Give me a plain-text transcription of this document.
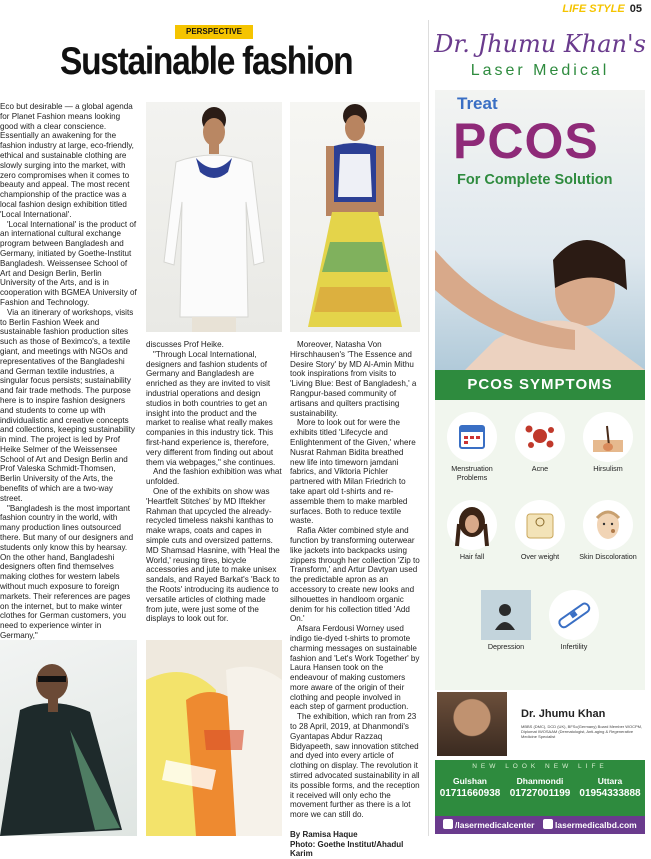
LIFE STYLE 05
PERSPECTIVE
Sustainable fashion

Eco but desirable — a global agenda for Planet Fashion means looking good with a clear conscience. Essentially an awakening for the fashion industry at large, eco-friendly, ethical and sustainable clothing are slowly surging into the market, with zero compromises when it comes to beauty and appeal. The most recent championship of the practice was a local fashion design exhibition titled 'Local International'.

'Local International' is the product of an international cultural exchange program between Bangladesh and Germany, initiated by Goethe-Institut Bangladesh. Weissensee School of Art and Design Berlin, Berlin University of the Arts, and is in cooperation with BGMEA University of Fashion and Technology.

Via an itinerary of workshops, visits to Berlin Fashion Week and sustainable fashion production sites such as those of Beximco's, a textile giant, and meetings with NGOs and representatives of the Bangladeshi and German textile industries, a singular focus persists; sustainability and fair trade methods. The purpose here is to inspire fashion designers and students to come up with individualistic and creative concepts and collections, keeping sustainability in mind. The project is led by Prof Heike Selmer of the Weissensee School of Art and Design Berlin and Prof Valeska Schmidt-Thomsen, Berlin University of the Arts, the benefits of which are a two-way street.

"Bangladesh is the most important fashion country in the world, with many production lines outsourced there. But many of our designers and students only know this by hearsay. On the other hand, Bangladeshi designers often find themselves making clothes for western labels without much exposure to foreign markets. Their references are pages on the internet, but to make winter clothes for German customers, you need to experience winter in Germany,"

discusses Prof Heike.

"Through Local International, designers and fashion students of Germany and Bangladesh are enriched as they are invited to visit industrial operations and design studios in both countries to get an insight into the product and the market to realise what really makes companies in this industry tick. This first-hand experience is, therefore, very different from finding out about them via webpages," she continues.

And the fashion exhibition was what unfolded.

One of the exhibits on show was 'Heartfelt Stitches' by MD Iftekher Rahman that upcycled the already-recycled timeless nakshi kanthas to make wraps, coats and capes in simple cuts and oversized patterns. MD Shamsad Hasnine, with 'Heal the World,' reusing tires, bicycle accessories and jute to make unisex sandals, and Rayed Barkat's 'Back to the Roots' introducing its audience to versatile articles of clothing made from jute, were just some of the displays to look out for.

Moreover, Natasha Von Hirschhausen's 'The Essence and Desire Story' by MD Al-Amin Mithu took inspirations from visits to 'Living Blue: Best of Bangladesh,' a Rangpur-based community of artisans and quilters practising sustainability.

More to look out for were the exhibits titled 'Lifecycle and Enlightenment of the Given,' where Nusrat Rahman Bidita breathed new life into timeworn jamdani fabrics, and Viktoria Pichler partnered with Milan Friedrich to take apart old t-shirts and re-assemble them to make marbled surfaces. Both to reduce textile waste.

Rafia Akter combined style and function by transforming outerwear like jackets into backpacks using zippers through her collection 'Zip to Transform,' and Artur Davtyan used the predictable apron as an accessory to create new looks and silhouettes in handloom organic denim for his collection titled 'Add On.'

Afsara Ferdousi Worney used indigo tie-dyed t-shirts to promote charming messages on sustainable fashion and 'Let's Work Together' by Laura Hansen took on the endeavour of making customers more aware of the origin of their clothing and people involved in each step of garment production.

The exhibition, which ran from 23 to 28 April, 2019, at Dhanmondi's Gyantapas Abdur Razzaq Bidyapeeth, saw innovation stitched and dyed into every article of clothing on display. The revolution it stirred advocated sustainability in all its possible forms, and the reception it received will only echo the movement further as there is a lot more we can still do.

By Ramisa Haque
Photo: Goethe Institut/Ahadul Karim
Dr. Jhumu Khan's
Laser Medical
Treat
PCOS
For Complete Solution
PCOS SYMPTOMS
Menstruation Problems
Acne	Hirsulism
Hair fall	Over weight	Skin Discoloration
Depression	Infertility
Dr. Jhumu Khan
MBBS (DMC), DCD (UK), BFSc(Germany) Board Member WOCPM, Diplomat IWOSAAM (Dermatologist, Anti-aging & Regenerative Medicine Specialist
NEW LOOK NEW LIFE
Gulshan
01711660938
Dhanmondi
01727001199
Uttara
01954333888
/lasermedicalcenter	lasermedicalbd.com
